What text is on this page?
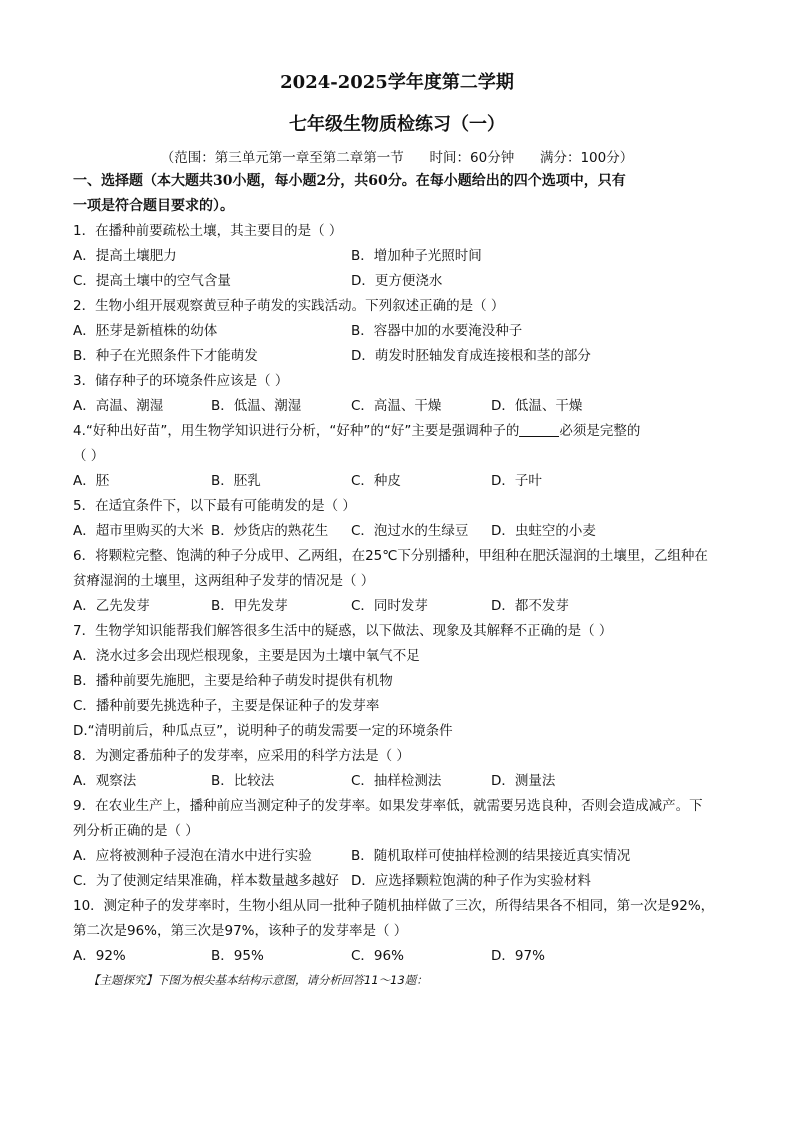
2024-2025学年度第二学期
七年级生物质检练习（一）
（范围：第三单元第一章至第二章第一节      时间：60分钟      满分：100分）
一、选择题（本大题共30小题，每小题2分，共60分。在每小题给出的四个选项中，只有
一项是符合题目要求的）。
1．在播种前要疏松土壤，其主要目的是（ ）
A．提高土壤肥力	B．增加种子光照时间
C．提高土壤中的空气含量	D．更方便浇水
2．生物小组开展观察黄豆种子萌发的实践活动。下列叙述正确的是（ ）
A．胚芽是新植株的幼体	B．容器中加的水要淹没种子
B．种子在光照条件下才能萌发	D．萌发时胚轴发育成连接根和茎的部分
3．储存种子的环境条件应该是（ ）
A．高温、潮湿	B．低温、潮湿	C．高温、干燥	D．低温、干燥
4.“好种出好苗”，用生物学知识进行分析，“好种”的“好”主要是强调种子的	必须是完整的
（ ）
A．胚	B．胚乳	C．种皮	D．子叶
5．在适宜条件下，以下最有可能萌发的是（ ）
A．超市里购买的大米 B．炒货店的熟花生 C．泡过水的生绿豆 D．虫蛀空的小麦
6．将颗粒完整、饱满的种子分成甲、乙两组，在25℃下分别播种，甲组种在肥沃湿润的土壤里，乙组种在
贫瘠湿润的土壤里，这两组种子发芽的情况是（ ）
A．乙先发芽	B．甲先发芽	C．同时发芽	D．都不发芽
7．生物学知识能帮我们解答很多生活中的疑惑，以下做法、现象及其解释不正确的是（ ）
A．浇水过多会出现烂根现象，主要是因为土壤中氧气不足
B．播种前要先施肥，主要是给种子萌发时提供有机物
C．播种前要先挑选种子，主要是保证种子的发芽率
D.“清明前后，种瓜点豆”，说明种子的萌发需要一定的环境条件
8．为测定番茄种子的发芽率，应采用的科学方法是（ ）
A．观察法	B．比较法	C．抽样检测法	D．测量法
9．在农业生产上，播种前应当测定种子的发芽率。如果发芽率低，就需要另选良种，否则会造成减产。下
列分析正确的是（ ）
A．应将被测种子浸泡在清水中进行实验	B．随机取样可使抽样检测的结果接近真实情况
C．为了使测定结果准确，样本数量越多越好 D．应选择颗粒饱满的种子作为实验材料
10．测定种子的发芽率时，生物小组从同一批种子随机抽样做了三次，所得结果各不相同，第一次是92%，
第二次是96%，第三次是97%，该种子的发芽率是（ ）
A．92%	B．95%	C．96%	D．97%
【主题探究】下图为根尖基本结构示意图，请分析回答11～13题：
